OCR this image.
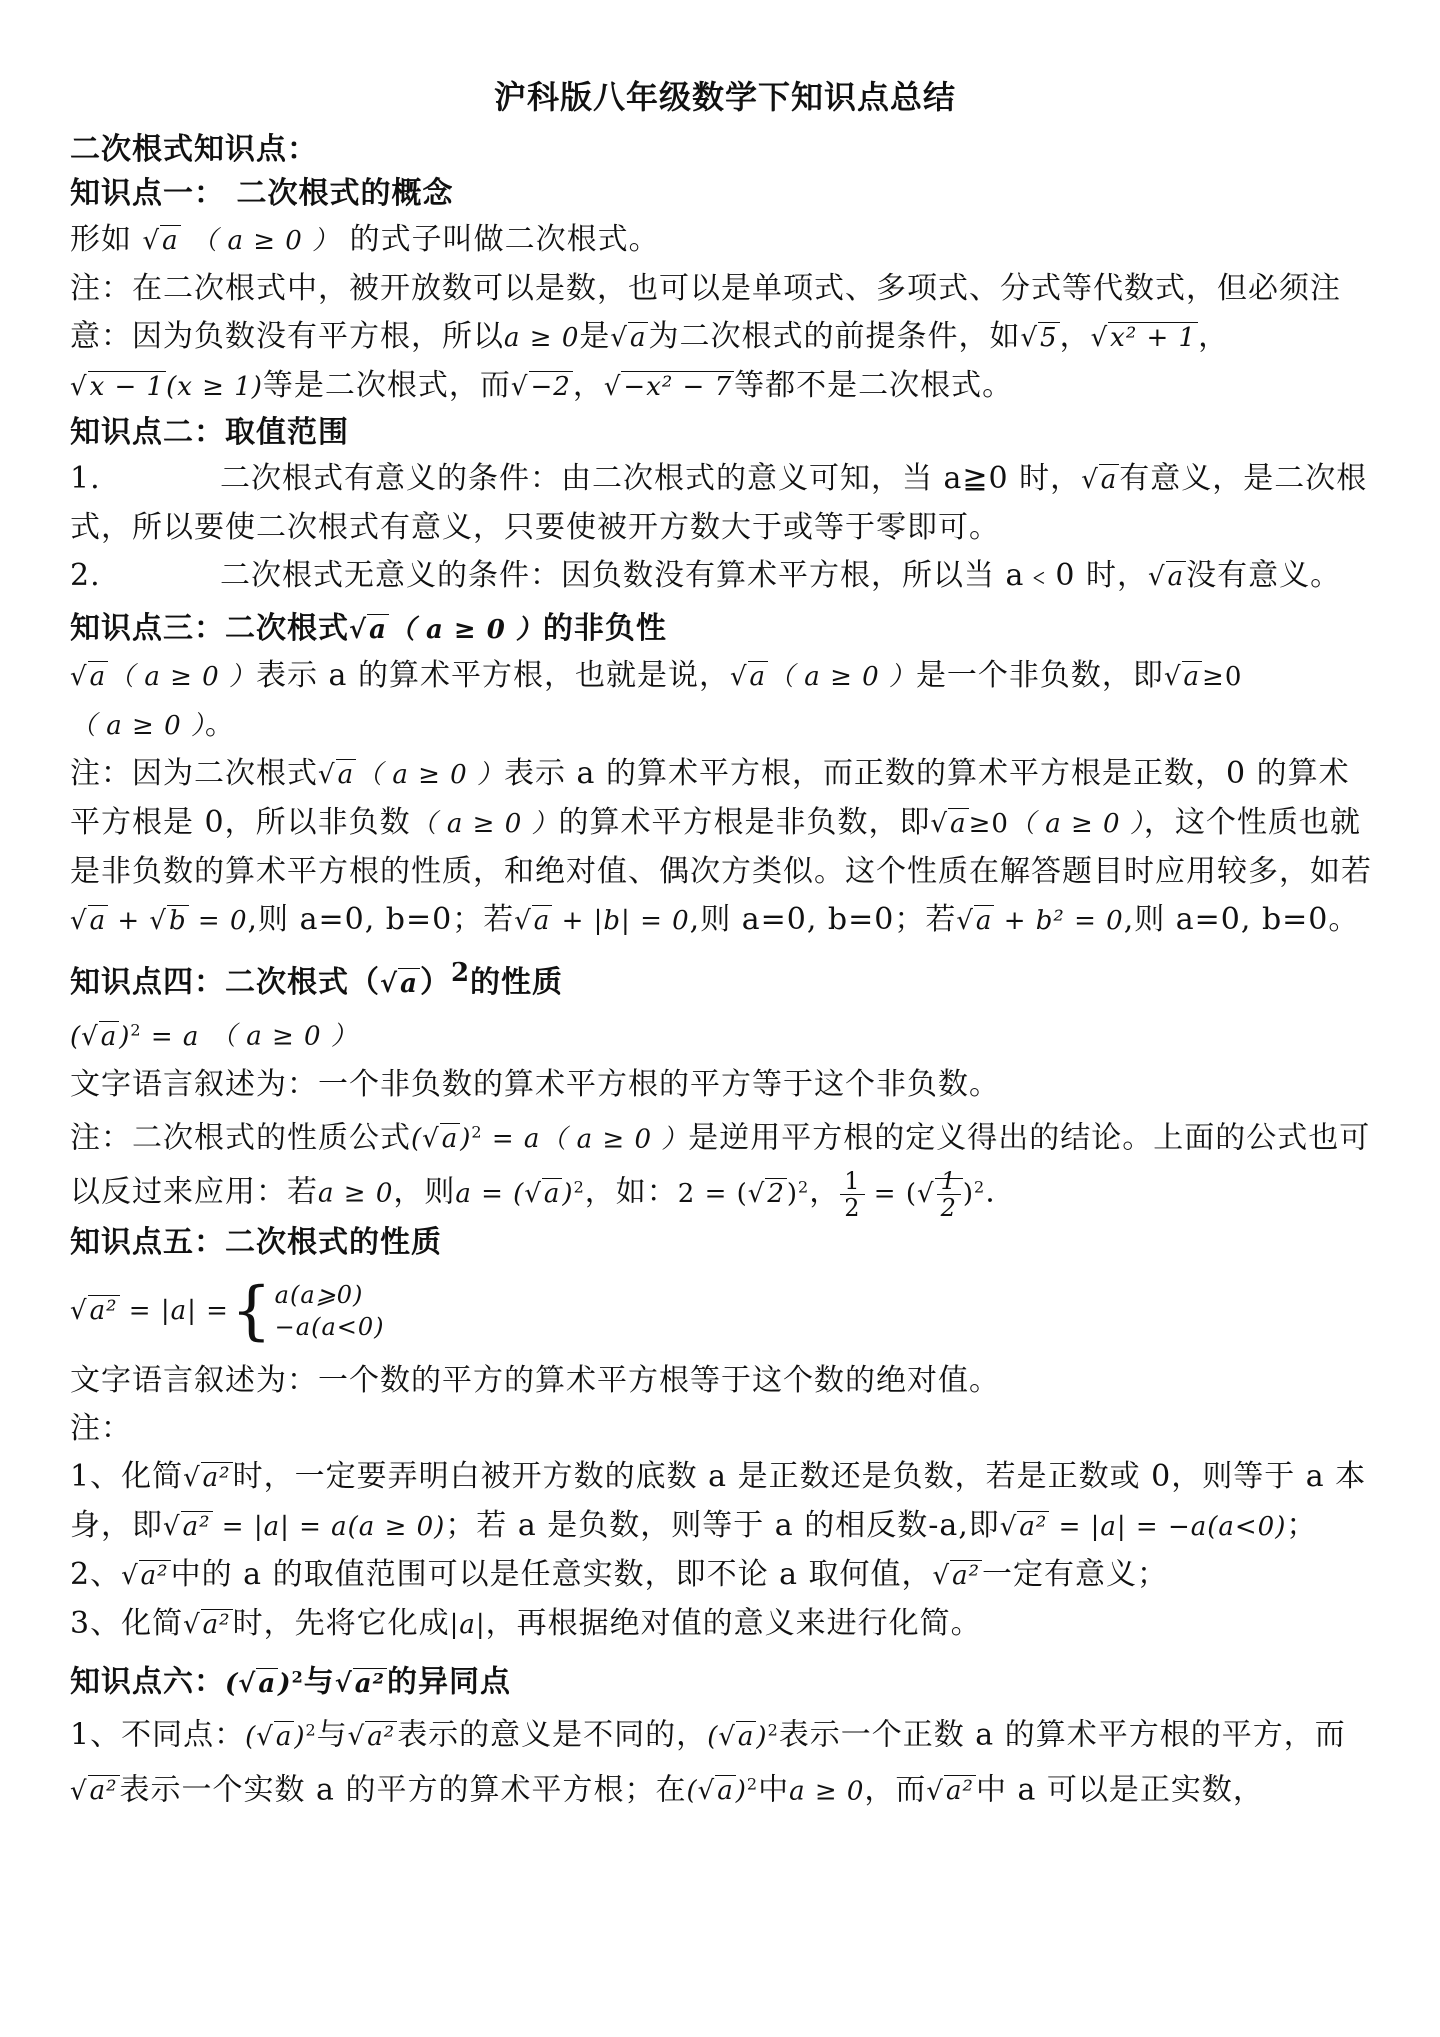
沪科版八年级数学下知识点总结
二次根式知识点：
知识点一： 二次根式的概念
形如 √a （ a ≥ 0 ） 的式子叫做二次根式。
注：在二次根式中，被开放数可以是数，也可以是单项式、多项式、分式等代数式，但必须注意：因为负数没有平方根，所以a ≥ 0是√a为二次根式的前提条件，如√5，√x² + 1，√x − 1(x ≥ 1)等是二次根式，而√−2，√−x² − 7等都不是二次根式。
知识点二：取值范围
1.	二次根式有意义的条件：由二次根式的意义可知，当 a≧0 时，√a有意义，是二次根式，所以要使二次根式有意义，只要使被开方数大于或等于零即可。
2.	二次根式无意义的条件：因负数没有算术平方根，所以当 a﹤0 时，√a没有意义。
知识点三：二次根式√a（ a ≥ 0 ）的非负性
√a（ a ≥ 0 ）表示 a 的算术平方根，也就是说，√a（ a ≥ 0 ）是一个非负数，即√a≥0（ a ≥ 0 ）。
注：因为二次根式√a（ a ≥ 0 ）表示 a 的算术平方根，而正数的算术平方根是正数，0 的算术平方根是 0，所以非负数（ a ≥ 0 ）的算术平方根是非负数，即√a≥0（ a ≥ 0 ），这个性质也就是非负数的算术平方根的性质，和绝对值、偶次方类似。这个性质在解答题目时应用较多，如若√a + √b = 0,则 a=0, b=0；若√a + |b| = 0,则 a=0, b=0；若√a + b² = 0,则 a=0, b=0。
知识点四：二次根式$(√a)^2$的性质
$(√a)^2 = a$ （ a ≥ 0 ）
文字语言叙述为：一个非负数的算术平方根的平方等于这个非负数。
注：二次根式的性质公式$(√a)^2 = a$（ a ≥ 0 ）是逆用平方根的定义得出的结论。上面的公式也可以反过来应用：若a ≥ 0，则$a = (√a)^2$，如：$2 = (√2)^2$， $\frac{1}{2}$ = (√ $\frac{1}{2} )^2$.
知识点五：二次根式的性质
√a² = |a| = { a(a⩾0)
−a(a<0)
文字语言叙述为：一个数的平方的算术平方根等于这个数的绝对值。
注：
1、化简√a²时，一定要弄明白被开方数的底数 a 是正数还是负数，若是正数或 0，则等于 a 本身，即√a² = |a| = a(a ≥ 0)；若 a 是负数，则等于 a 的相反数-a,即√a² = |a| = −a(a<0)；
2、√a²中的 a 的取值范围可以是任意实数，即不论 a 取何值，√a²一定有意义；
3、化简√a²时，先将它化成|a|，再根据绝对值的意义来进行化简。
知识点六：$(√a)^2$与√a²的异同点
1、不同点：$(√a)^2$与√a²表示的意义是不同的，$(√a)^2$表示一个正数 a 的算术平方根的平方，而√a²表示一个实数 a 的平方的算术平方根；在$(√a)^2$中a ≥ 0，而√a²中 a 可以是正实数，
